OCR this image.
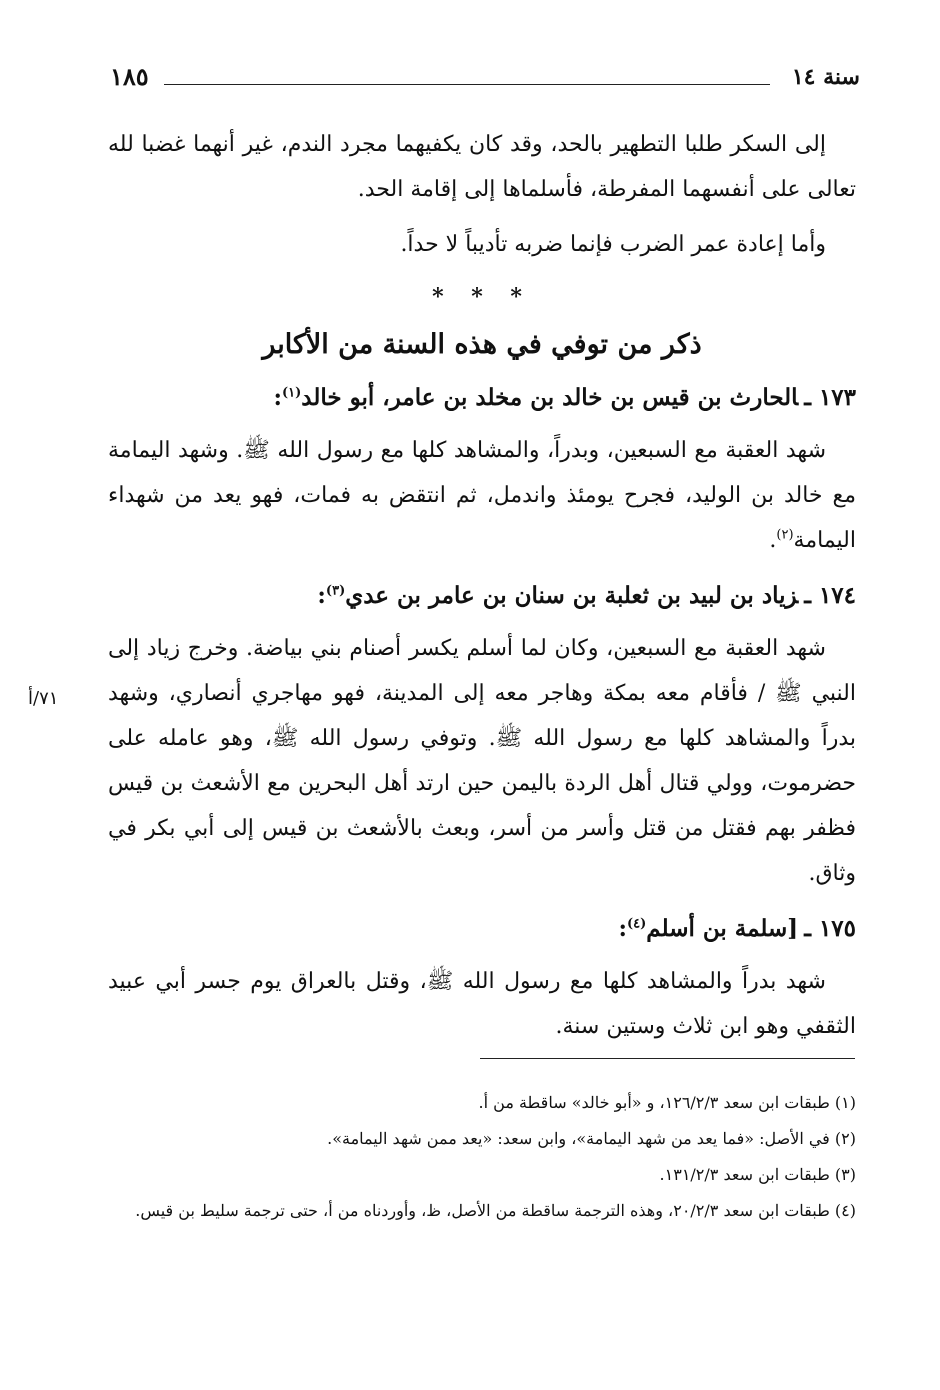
١٨٥	سنة ١٤
٧١/أ

إلى السكر طلبا التطهير بالحد، وقد كان يكفيهما مجرد الندم، غير أنهما غضبا لله تعالى على أنفسهما المفرطة، فأسلماها إلى إقامة الحد.

وأما إعادة عمر الضرب فإنما ضربه تأديباً لا حداً.

* * *
ذكر من توفي في هذه السنة من الأكابر
١٧٣ ـالحارث بن قيس بن خالد بن مخلد بن عامر، أبو خالد$^{(١)}$:

شهد العقبة مع السبعين، وبدراً، والمشاهد كلها مع رسول الله ﷺ. وشهد اليمامة مع خالد بن الوليد، فجرح يومئذ واندمل، ثم انتقض به فمات، فهو يعد من شهداء اليمامة$^{(٢)}$.

١٧٤ ـزياد بن لبيد بن ثعلبة بن سنان بن عامر بن عدي$^{(٣)}$:

شهد العقبة مع السبعين، وكان لما أسلم يكسر أصنام بني بياضة. وخرج زياد إلى النبي ﷺ / فأقام معه بمكة وهاجر معه إلى المدينة، فهو مهاجري أنصاري، وشهد بدراً والمشاهد كلها مع رسول الله ﷺ. وتوفي رسول الله ﷺ، وهو عامله على حضرموت، وولي قتال أهل الردة باليمن حين ارتد أهل البحرين مع الأشعث بن قيس فظفر بهم فقتل من قتل وأسر من أسر، وبعث بالأشعث بن قيس إلى أبي بكر في وثاق.

١٧٥ ـ[سلمة بن أسلم$^{(٤)}$:

شهد بدراً والمشاهد كلها مع رسول الله ﷺ، وقتل بالعراق يوم جسر أبي عبيد الثقفي وهو ابن ثلاث وستين سنة.

(١) طبقات ابن سعد ١٢٦/٢/٣، و «أبو خالد» ساقطة من أ.

(٢) في الأصل: «فما يعد من شهد اليمامة»، وابن سعد: «يعد ممن شهد اليمامة».

(٣) طبقات ابن سعد ١٣١/٢/٣.

(٤) طبقات ابن سعد ٢٠/٢/٣، وهذه الترجمة ساقطة من الأصل، ظ، وأوردناه من أ، حتى ترجمة سليط بن قيس.
